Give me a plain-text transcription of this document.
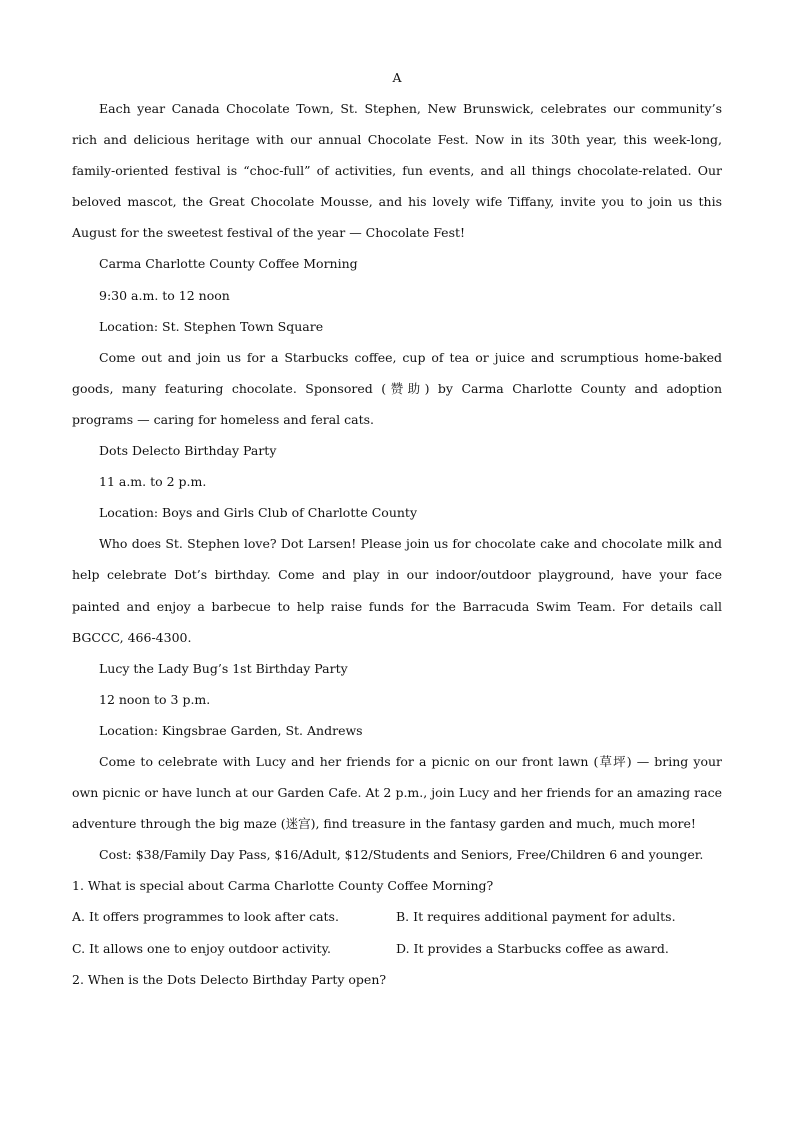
A

Each year Canada Chocolate Town, St. Stephen, New Brunswick, celebrates our community’s rich and delicious heritage with our annual Chocolate Fest. Now in its 30th year, this week-long, family-oriented festival is “choc-full” of activities, fun events, and all things chocolate-related. Our beloved mascot, the Great Chocolate Mousse, and his lovely wife Tiffany, invite you to join us this August for the sweetest festival of the year — Chocolate Fest!

Carma Charlotte County Coffee Morning

9:30 a.m. to 12 noon

Location: St. Stephen Town Square

Come out and join us for a Starbucks coffee, cup of tea or juice and scrumptious home-baked goods, many featuring chocolate. Sponsored (赞助) by Carma Charlotte County and adoption programs — caring for homeless and feral cats.

Dots Delecto Birthday Party

11 a.m. to 2 p.m.

Location: Boys and Girls Club of Charlotte County

Who does St. Stephen love? Dot Larsen! Please join us for chocolate cake and chocolate milk and help celebrate Dot’s birthday. Come and play in our indoor/outdoor playground, have your face painted and enjoy a barbecue to help raise funds for the Barracuda Swim Team. For details call BGCCC, 466-4300.

Lucy the Lady Bug’s 1st Birthday Party

12 noon to 3 p.m.

Location: Kingsbrae Garden, St. Andrews

Come to celebrate with Lucy and her friends for a picnic on our front lawn (草坪) — bring your own picnic or have lunch at our Garden Cafe. At 2 p.m., join Lucy and her friends for an amazing race adventure through the big maze (迷宫), find treasure in the fantasy garden and much, much more!

Cost: $38/Family Day Pass, $16/Adult, $12/Students and Seniors, Free/Children 6 and younger.

1. What is special about Carma Charlotte County Coffee Morning?

A. It offers programmes to look after cats.	B. It requires additional payment for adults.
C. It allows one to enjoy outdoor activity.	D. It provides a Starbucks coffee as award.

2. When is the Dots Delecto Birthday Party open?
